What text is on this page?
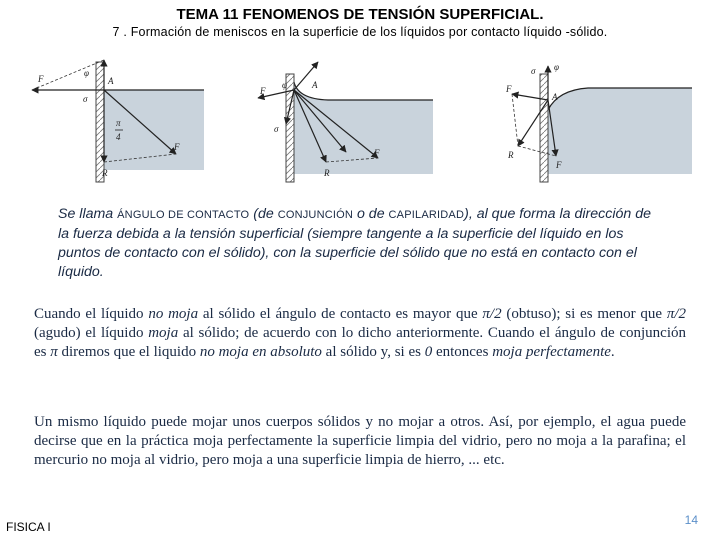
TEMA 11 FENOMENOS DE TENSIÓN SUPERFICIAL.
7 . Formación de meniscos en la superficie de los líquidos por contacto líquido -sólido.
F
σ
φ
A
π
4
R
F
F
φ	A
σ
R
F
σ φ
F
A
R
F
Se llama ÁNGULO DE CONTACTO (de CONJUNCIÓN o de CAPILARIDAD), al que forma la dirección de la fuerza debida a la tensión superficial (siempre tangente a la superficie del líquido en los puntos de contacto con el sólido), con la superficie del sólido que no está en contacto con el líquido.
Cuando el líquido no moja al sólido el ángulo de contacto es mayor que π/2 (obtuso); si es menor que π/2 (agudo) el líquido moja al sólido; de acuerdo con lo dicho anteriormente. Cuando el ángulo de conjunción es π diremos que el liquido no moja en absoluto al sólido y, si es 0 entonces moja perfectamente.
Un mismo líquido puede mojar unos cuerpos sólidos y no mojar a otros. Así, por ejemplo, el agua puede decirse que en la práctica moja perfectamente la superficie limpia del vidrio, pero no moja a la parafina; el mercurio no moja al vidrio, pero moja a una superficie limpia de hierro, ... etc.
FISICA I	14
